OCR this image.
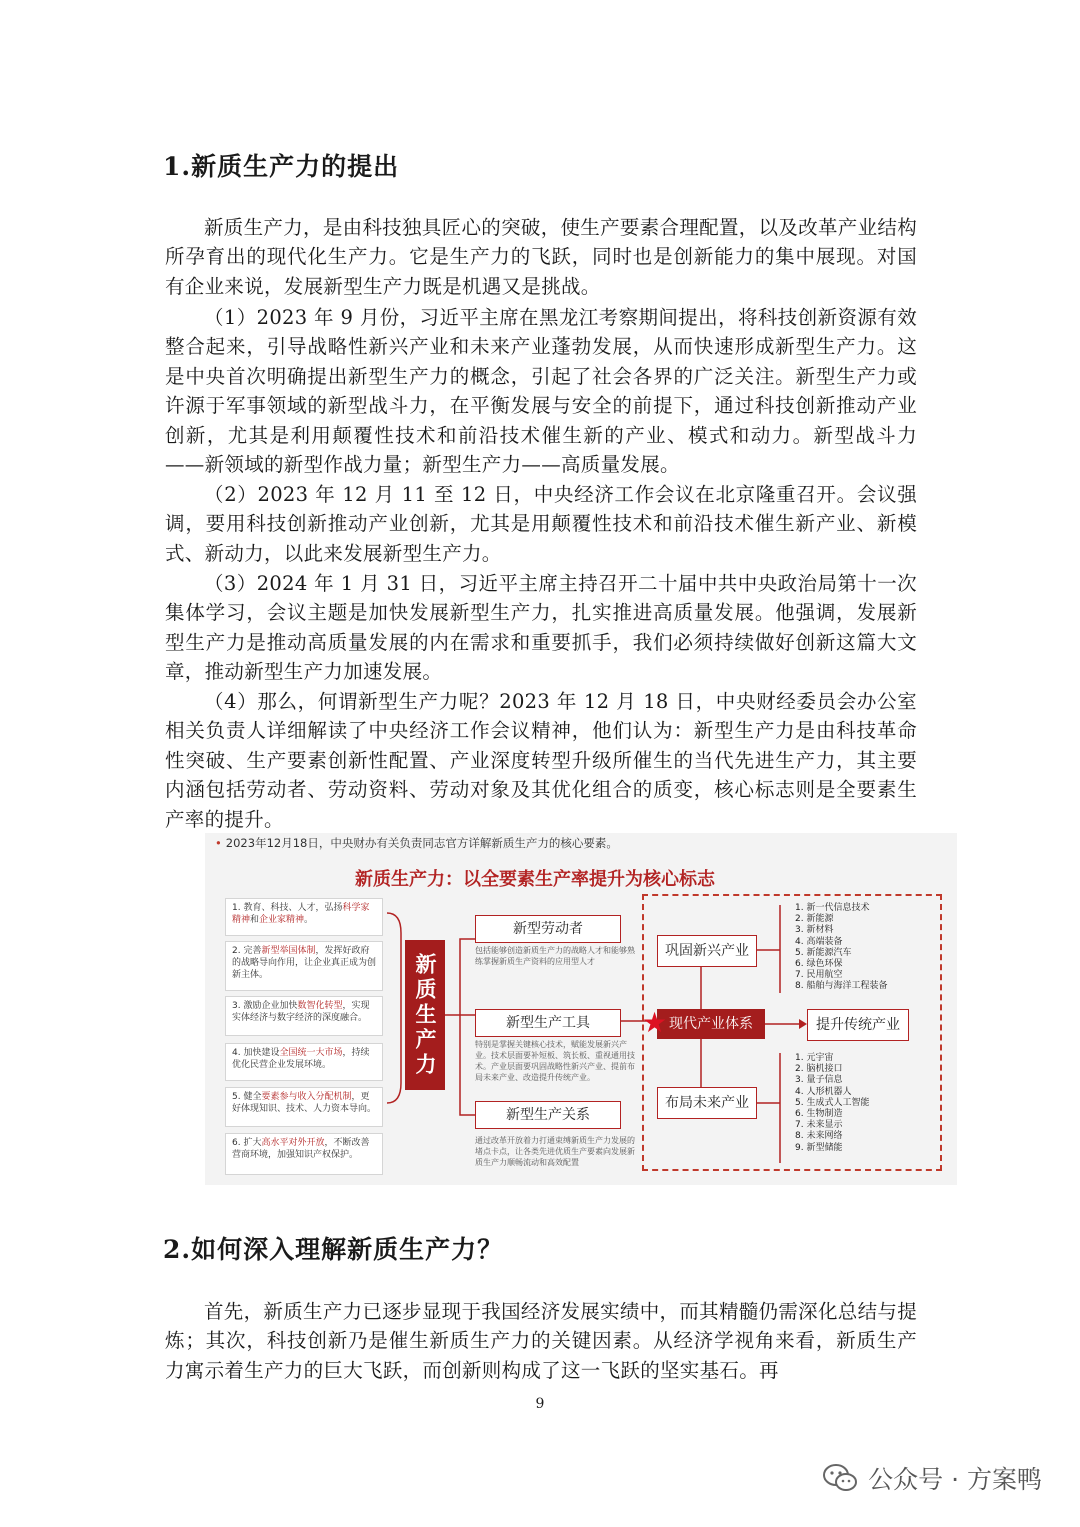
1.新质生产力的提出

新质生产力，是由科技独具匠心的突破，使生产要素合理配置，以及改革产业结构所孕育出的现代化生产力。它是生产力的飞跃，同时也是创新能力的集中展现。对国有企业来说，发展新型生产力既是机遇又是挑战。

（1）2023 年 9 月份，习近平主席在黑龙江考察期间提出，将科技创新资源有效整合起来，引导战略性新兴产业和未来产业蓬勃发展，从而快速形成新型生产力。这是中央首次明确提出新型生产力的概念，引起了社会各界的广泛关注。新型生产力或许源于军事领域的新型战斗力，在平衡发展与安全的前提下，通过科技创新推动产业创新，尤其是利用颠覆性技术和前沿技术催生新的产业、模式和动力。新型战斗力——新领域的新型作战力量；新型生产力——高质量发展。

（2）2023 年 12 月 11 至 12 日，中央经济工作会议在北京隆重召开。会议强调，要用科技创新推动产业创新，尤其是用颠覆性技术和前沿技术催生新产业、新模式、新动力，以此来发展新型生产力。

（3）2024 年 1 月 31 日，习近平主席主持召开二十届中共中央政治局第十一次集体学习，会议主题是加快发展新型生产力，扎实推进高质量发展。他强调，发展新型生产力是推动高质量发展的内在需求和重要抓手，我们必须持续做好创新这篇大文章，推动新型生产力加速发展。

（4）那么，何谓新型生产力呢？2023 年 12 月 18 日，中央财经委员会办公室相关负责人详细解读了中央经济工作会议精神，他们认为：新型生产力是由科技革命性突破、生产要素创新性配置、产业深度转型升级所催生的当代先进生产力，其主要内涵包括劳动者、劳动资料、劳动对象及其优化组合的质变，核心标志则是全要素生产率的提升。

• 2023年12月18日，中央财办有关负责同志官方详解新质生产力的核心要素。
新质生产力：以全要素生产率提升为核心标志
1. 教育、科技、人才，弘扬科学家精神和企业家精神。
2. 完善新型举国体制，发挥好政府的战略导向作用，让企业真正成为创新主体。
3. 激励企业加快数智化转型，实现实体经济与数字经济的深度融合。
4. 加快建设全国统一大市场，持续优化民营企业发展环境。
5. 健全要素参与收入分配机制，更好体现知识、技术、人力资本导向。
6. 扩大高水平对外开放，不断改善营商环境，加强知识产权保护。
新质生产力
新型劳动者
包括能够创造新质生产力的战略人才和能够熟练掌握新质生产资料的应用型人才
新型生产工具
特别是掌握关键核心技术，赋能发展新兴产业。技术层面要补短板、筑长板、重视通用技术。产业层面要巩固战略性新兴产业、提前布局未来产业、改造提升传统产业。
新型生产关系
通过改革开放着力打通束缚新质生产力发展的堵点卡点，让各类先进优质生产要素向发展新质生产力顺畅流动和高效配置
巩固新兴产业
布局未来产业
现代产业体系
★	提升传统产业
1. 新一代信息技术
2. 新能源
3. 新材料
4. 高端装备
5. 新能源汽车
6. 绿色环保
7. 民用航空
8. 船舶与海洋工程装备
1. 元宇宙
2. 脑机接口
3. 量子信息
4. 人形机器人
5. 生成式人工智能
6. 生物制造
7. 未来显示
8. 未来网络
9. 新型储能
2.如何深入理解新质生产力？

首先，新质生产力已逐步显现于我国经济发展实绩中，而其精髓仍需深化总结与提炼；其次，科技创新乃是催生新质生产力的关键因素。从经济学视角来看，新质生产力寓示着生产力的巨大飞跃，而创新则构成了这一飞跃的坚实基石。再

9
公众号 · 方案鸭
